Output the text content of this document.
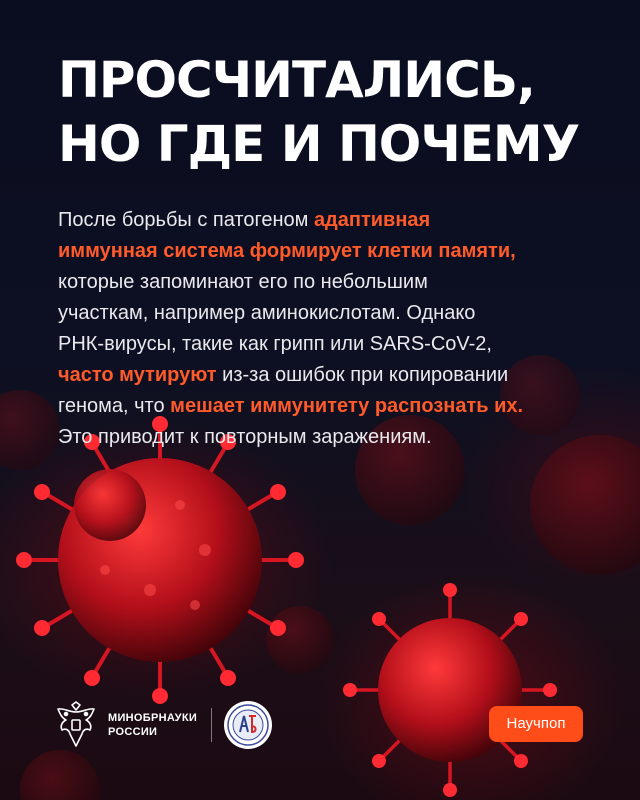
ПРОСЧИТАЛИСЬ,
НО ГДЕ И ПОЧЕМУ
После борьбы с патогеном адаптивная
иммунная система формирует клетки памяти,
которые запоминают его по небольшим
участкам, например аминокислотам. Однако
РНК-вирусы, такие как грипп или SARS-CoV-2,
часто мутируют из-за ошибок при копировании
генома, что мешает иммунитету распознать их.
Это приводит к повторным заражениям.
МИНОБРНАУКИ
РОССИИ	Научпоп
